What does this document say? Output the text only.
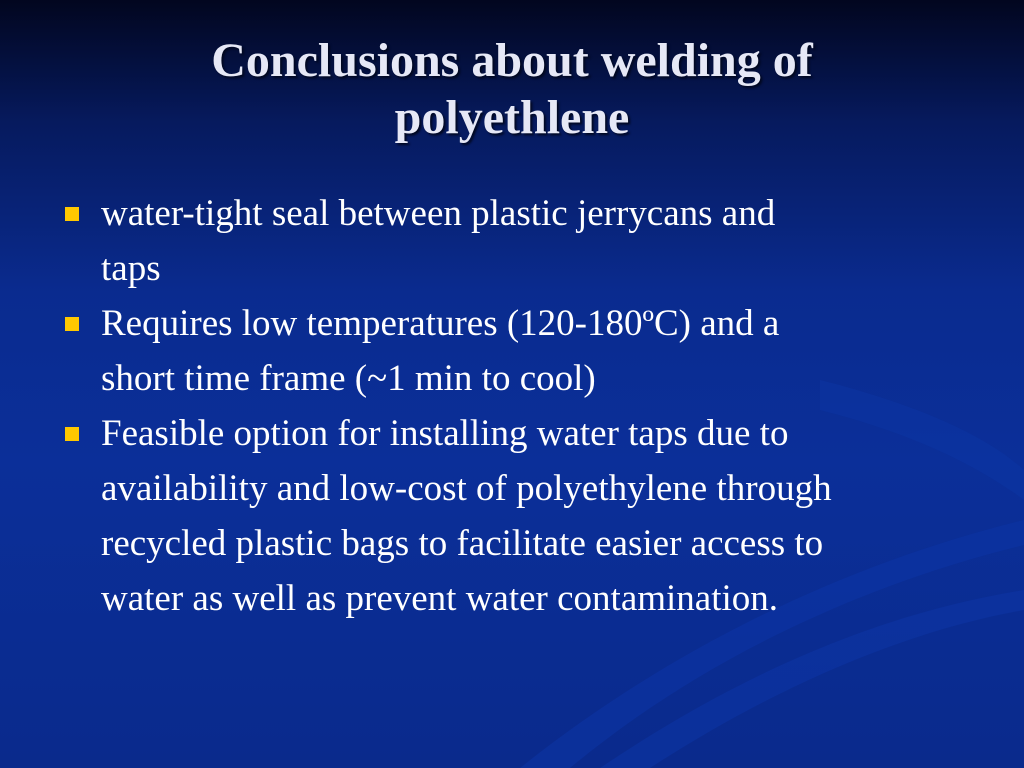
Conclusions about welding of
polyethlene
water-tight seal between plastic jerrycans and
taps
Requires low temperatures (120-180ºC) and a
short time frame (~1 min to cool)
Feasible option for installing water taps due to
availability and low-cost of polyethylene through
recycled plastic bags to facilitate easier access to
water as well as prevent water contamination.
